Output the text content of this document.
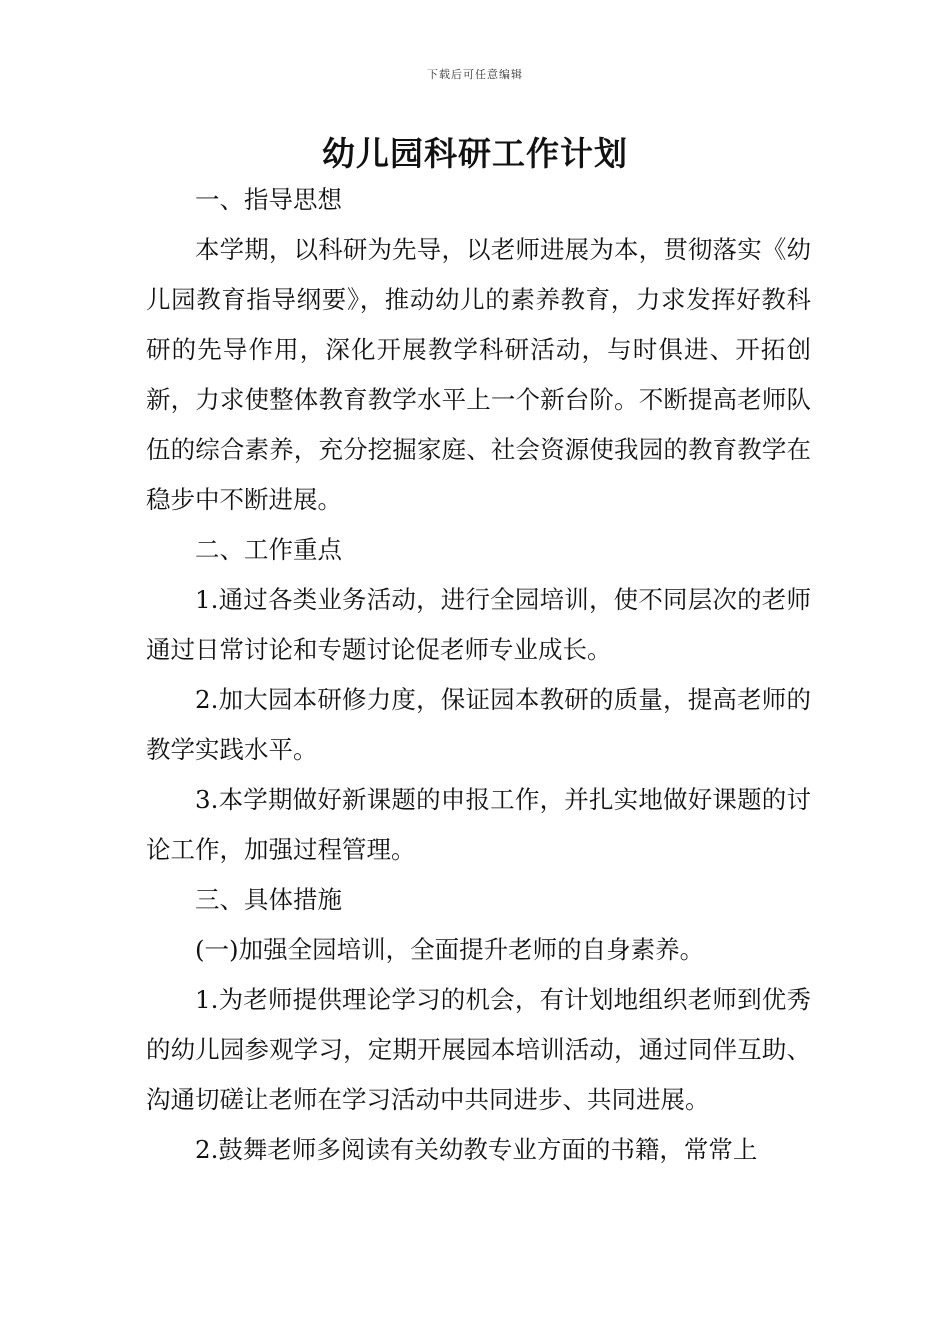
下载后可任意编辑
幼儿园科研工作计划

一、指导思想

本学期，以科研为先导，以老师进展为本，贯彻落实《幼儿园教育指导纲要》，推动幼儿的素养教育，力求发挥好教科研的先导作用，深化开展教学科研活动，与时俱进、开拓创新，力求使整体教育教学水平上一个新台阶。不断提高老师队伍的综合素养，充分挖掘家庭、社会资源使我园的教育教学在稳步中不断进展。

二、工作重点

1.通过各类业务活动，进行全园培训，使不同层次的老师通过日常讨论和专题讨论促老师专业成长。

2.加大园本研修力度，保证园本教研的质量，提高老师的教学实践水平。

3.本学期做好新课题的申报工作，并扎实地做好课题的讨论工作，加强过程管理。

三、具体措施

(一)加强全园培训，全面提升老师的自身素养。

1.为老师提供理论学习的机会，有计划地组织老师到优秀的幼儿园参观学习，定期开展园本培训活动，通过同伴互助、沟通切磋让老师在学习活动中共同进步、共同进展。

2.鼓舞老师多阅读有关幼教专业方面的书籍，常常上
